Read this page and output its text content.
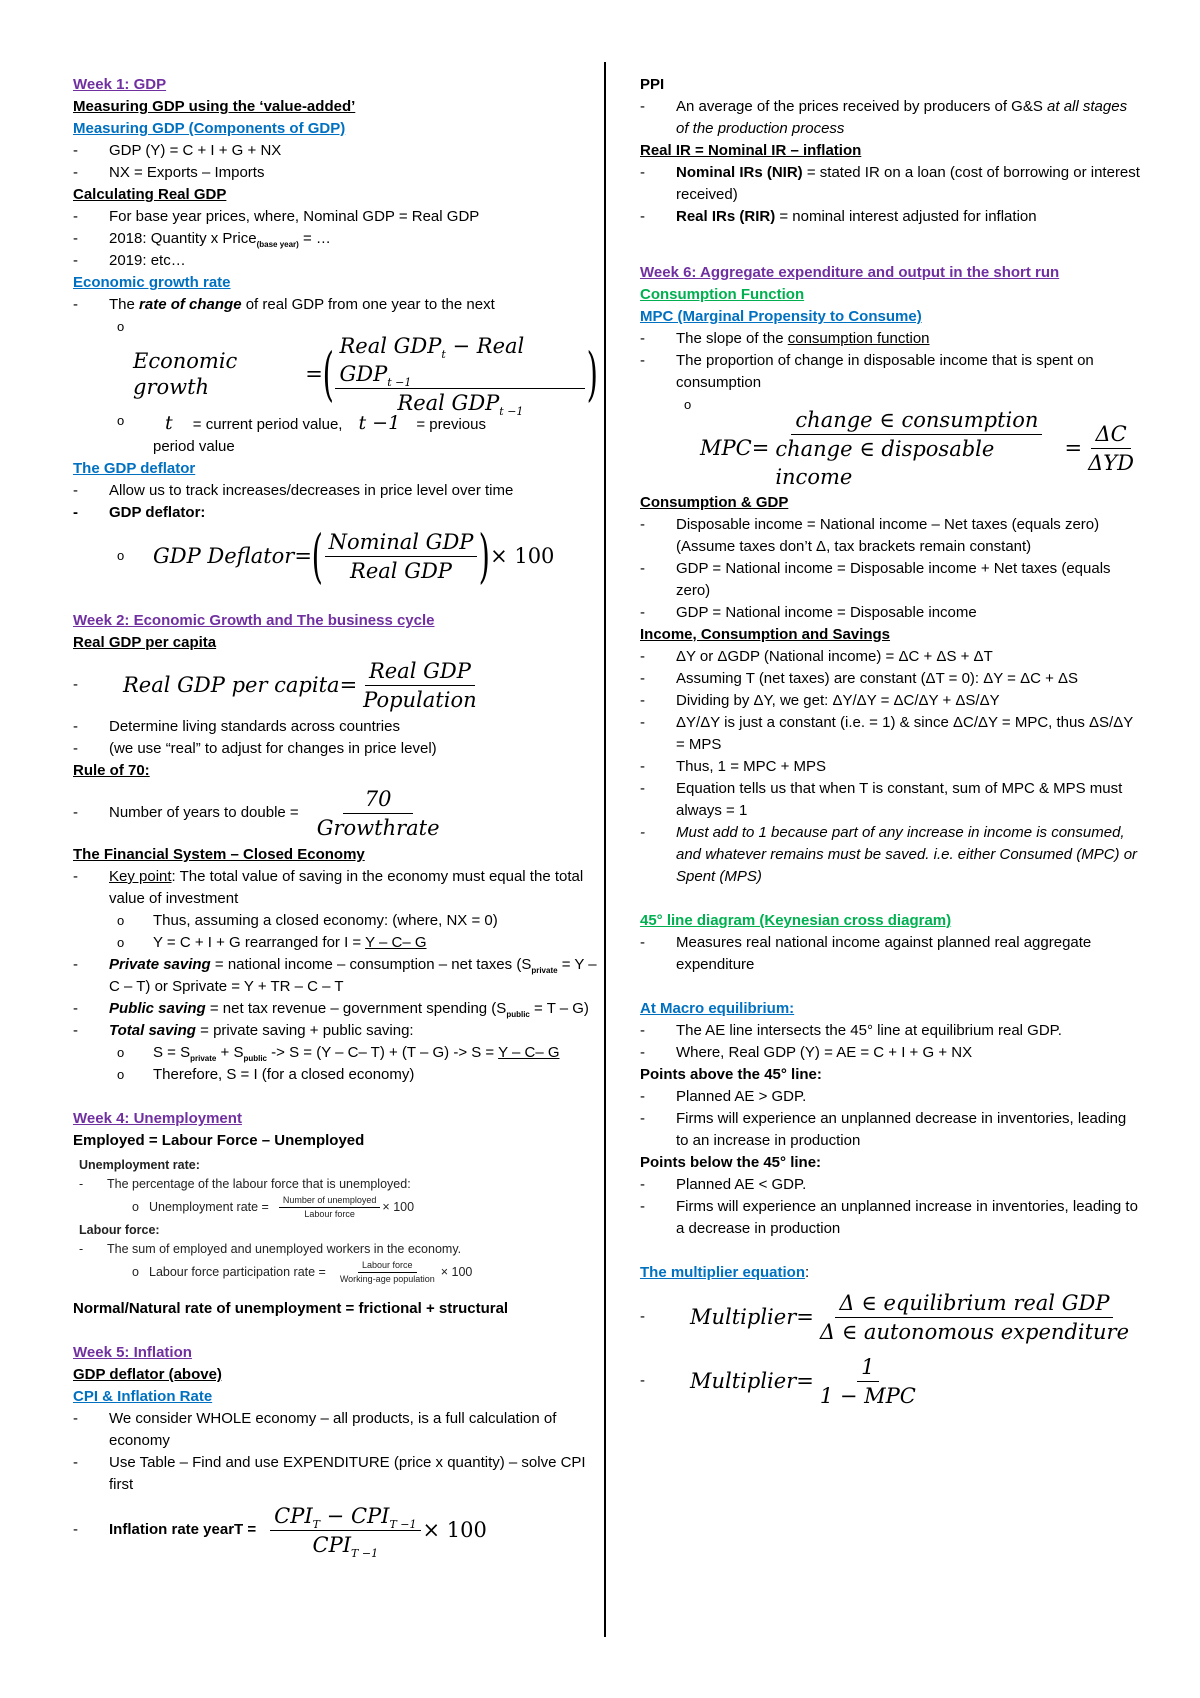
Week 1: GDP

Measuring GDP using the ‘value-added’

Measuring GDP (Components of GDP)

- GDP (Y) = C + I + G + NX

- NX = Exports – Imports

Calculating Real GDP

- For base year prices, where, Nominal GDP = Real GDP

- 2018: Quantity x Price$_{(base year)}$ = …

- 2019: etc…

Economic growth rate

- The rate of change of real GDP from one year to the next

o

Economic growth
= ( $\frac{Real GDP_t - Real GDP_{t -1}}{Real GDP_{t -1}}$ )

o t = current period value, t −1 = previous

period value

The GDP deflator

- Allow us to track increases/decreases in price level over time

- GDP deflator:

o	GDP Deflator= ( $\frac{\text{Nominal GDP}}{\text{Real GDP}}$ ) × 100

Week 2: Economic Growth and The business cycle

Real GDP per capita

-	Real GDP per capita= $\frac{\text{Real GDP}}{\text{Population}}$

- Determine living standards across countries

- (we use “real” to adjust for changes in price level)

Rule of 70:

-	Number of years to double = $\frac{70}{\text{Growthrate}}$

The Financial System – Closed Economy

- Key point: The total value of saving in the economy must equal the total value of investment

o Thus, assuming a closed economy: (where, NX = 0)

o Y = C + I + G rearranged for I = Y – C– G

- Private saving = national income – consumption – net taxes $(S_{private} = Y - C - T)$ or Sprivate = Y + TR – C – T

- Public saving = net tax revenue – government spending $(S_{public} = T - G)$

- Total saving = private saving + public saving:

o $S = S_{private} + S_{public} -> S = (Y - C-$ T) + (T – G) -> S = Y – C– G

o Therefore, S = I (for a closed economy)

Week 4: Unemployment

Employed = Labour Force – Unemployed

Unemployment rate:

- The percentage of the labour force that is unemployed:

o Unemployment rate = $\frac{\text{Number of unemployed}}{\text{Labour force}} \times 100$

Labour force:

- The sum of employed and unemployed workers in the economy.

o Labour force participation rate = $\frac{\text{Labour force}}{\text{Working-age population}} \times 100$

Normal/Natural rate of unemployment = frictional + structural

Week 5: Inflation

GDP deflator (above)

CPI & Inflation Rate

- We consider WHOLE economy – all products, is a full calculation of economy

- Use Table – Find and use EXPENDITURE (price x quantity) – solve CPI first

-	Inflation rate yearT = $\frac{CPI_T - CPI_{T -1}}{CPI_{T -1}} \times 100$

PPI

- An average of the prices received by producers of G&S at all stages of the production process

Real IR = Nominal IR – inflation

- Nominal IRs (NIR) = stated IR on a loan (cost of borrowing or interest received)

- Real IRs (RIR) = nominal interest adjusted for inflation

Week 6: Aggregate expenditure and output in the short run

Consumption Function

MPC (Marginal Propensity to Consume)

- The slope of the consumption function

- The proportion of change in disposable income that is spent on consumption

o

MPC = $\frac{\text{change ∈ consumption}}{\text{change ∈ disposable income}} = \frac{\Delta C}{\text{ΔYD}}$

Consumption & GDP

- Disposable income = National income – Net taxes (equals zero) (Assume taxes don’t Δ, tax brackets remain constant)

- GDP = National income = Disposable income + Net taxes (equals zero)

- GDP = National income = Disposable income

Income, Consumption and Savings

- ΔY or ΔGDP (National income) = ΔC + ΔS + ΔT

- Assuming T (net taxes) are constant (ΔT = 0): ΔY = ΔC + ΔS

- Dividing by ΔY, we get: ΔY/ΔY = ΔC/ΔY + ΔS/ΔY

- ΔY/ΔY is just a constant (i.e. = 1) & since ΔC/ΔY = MPC, thus ΔS/ΔY = MPS

- Thus, 1 = MPC + MPS

- Equation tells us that when T is constant, sum of MPC & MPS must always = 1

- Must add to 1 because part of any increase in income is consumed, and whatever remains must be saved. i.e. either Consumed (MPC) or Spent (MPS)

45° line diagram (Keynesian cross diagram)

- Measures real national income against planned real aggregate expenditure

At Macro equilibrium:

- The AE line intersects the 45° line at equilibrium real GDP.

- Where, Real GDP (Y) = AE = C + I + G + NX

Points above the 45° line:

- Planned AE > GDP.

- Firms will experience an unplanned decrease in inventories, leading to an increase in production

Points below the 45° line:

- Planned AE < GDP.

- Firms will experience an unplanned increase in inventories, leading to a decrease in production

The multiplier equation:

-	Multiplier= $\frac{\text{Δ ∈ equilibrium real GDP}}{\text{Δ ∈ autonomous expenditure}}$
-	Multiplier= $\frac{1}{\text{1 − MPC}}$
